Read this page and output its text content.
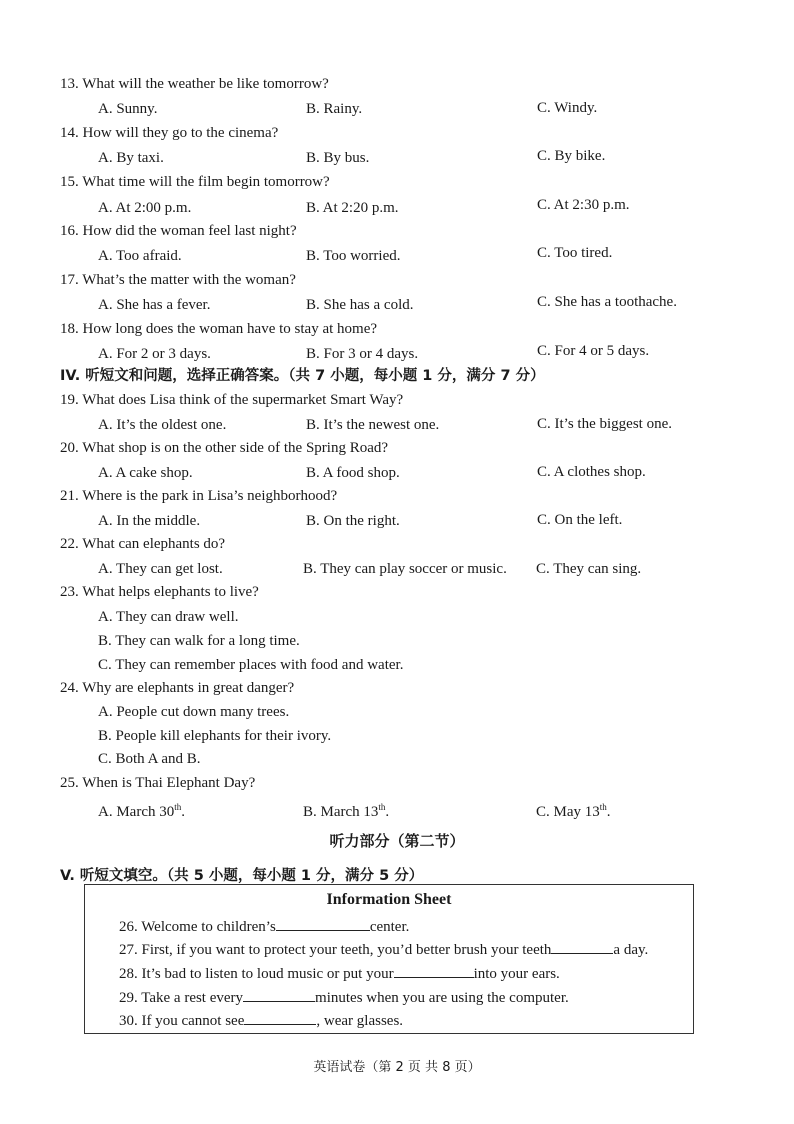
13. What will the weather be like tomorrow?
A. Sunny.	B. Rainy.	C. Windy.
14. How will they go to the cinema?
A. By taxi.	B. By bus.	C. By bike.
15. What time will the film begin tomorrow?
A. At 2:00 p.m.	B. At 2:20 p.m.	C. At 2:30 p.m.
16. How did the woman feel last night?
A. Too afraid.	B. Too worried.	C. Too tired.
17. What’s the matter with the woman?
A. She has a fever.	B. She has a cold.	C. She has a toothache.
18. How long does the woman have to stay at home?
A. For 2 or 3 days.	B. For 3 or 4 days.	C. For 4 or 5 days.
IV. 听短文和问题，选择正确答案。（共 7 小题，每小题 1 分，满分 7 分）
19. What does Lisa think of the supermarket Smart Way?
A. It’s the oldest one.	B. It’s the newest one.	C. It’s the biggest one.
20. What shop is on the other side of the Spring Road?
A. A cake shop.	B. A food shop.	C. A clothes shop.
21. Where is the park in Lisa’s neighborhood?
A. In the middle.	B. On the right.	C. On the left.
22. What can elephants do?
A. They can get lost.	B. They can play soccer or music. C. They can sing.
23. What helps elephants to live?
A. They can draw well.
B. They can walk for a long time.
C. They can remember places with food and water.
24. Why are elephants in great danger?
A. People cut down many trees.
B. People kill elephants for their ivory.
C. Both A and B.
25. When is Thai Elephant Day?
A. March 30th.	B. March 13th.	C. May 13th.
听力部分（第二节）
V. 听短文填空。（共 5 小题，每小题 1 分，满分 5 分）
Information Sheet
26. Welcome to children’s	center.
27. First, if you want to protect your teeth, you’d better brush your teeth	a day.
28. It’s bad to listen to loud music or put your	into your ears.
29. Take a rest every	minutes when you are using the computer.
30. If you cannot see	, wear glasses.
英语试卷（第 2 页 共 8 页）
